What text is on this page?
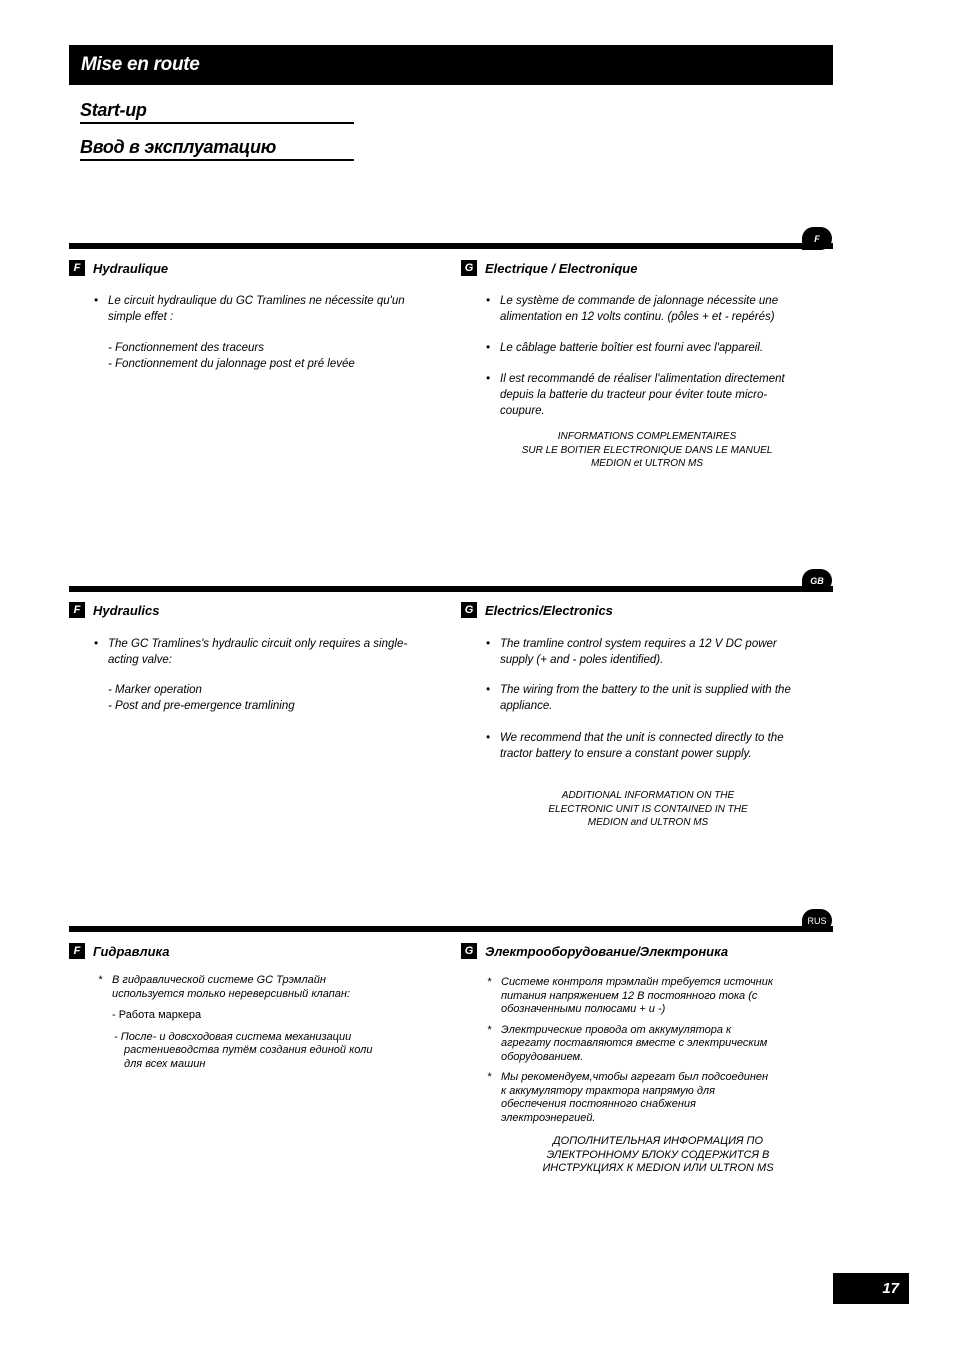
Mise en route
Start-up
Ввод в эксплуатацию
F
F Hydraulique
• Le circuit hydraulique du GC Tramlines ne nécessite qu'un
simple effet :
- Fonctionnement des traceurs
- Fonctionnement du jalonnage post et pré levée
G Electrique / Electronique
• Le système de commande de jalonnage nécessite une
alimentation en 12 volts continu. (pôles + et - repérés)
• Le câblage batterie boîtier est fourni avec l'appareil.
• Il est recommandé de réaliser l'alimentation directement
depuis la batterie du tracteur pour éviter toute micro-
coupure.
INFORMATIONS COMPLEMENTAIRES
SUR LE BOITIER ELECTRONIQUE DANS LE MANUEL
MEDION et ULTRON MS
GB
F Hydraulics
• The GC Tramlines's hydraulic circuit only requires a single-
acting valve:
- Marker operation
- Post and pre-emergence tramlining
G Electrics/Electronics
• The tramline control system requires a 12 V DC power
supply (+ and - poles identified).
• The wiring from the battery to the unit is supplied with the
appliance.
• We recommend that the unit is connected directly to the
tractor battery to ensure a constant power supply.
ADDITIONAL INFORMATION ON THE
ELECTRONIC UNIT IS CONTAINED IN THE
MEDION and ULTRON MS
RUS
F Гидравлика
* В гидравлической системе GC Трэмлайн
используется только нереверсивный клапан:
- Работа маркера
- После- и довсходовая система механизации
растениеводства путём создания единой коли
для всех машин
G Электрооборудование/Электроника
* Системе контроля трэмлайн требуется источник
питания напряжением 12 В постоянного тока (с
обозначенными полюсами + и -)
* Электрические провода от аккумулятора к
агрегату поставляются вместе с электрическим
оборудованием.
* Мы рекомендуем,чтобы агрегат был подсоединен
к аккумулятору трактора напрямую для
обеспечения постоянного снабжения
электроэнергией.
ДОПОЛНИТЕЛЬНАЯ ИНФОРМАЦИЯ ПО
ЭЛЕКТРОННОМУ БЛОКУ СОДЕРЖИТСЯ В
ИНСТРУКЦИЯХ К MEDION ИЛИ ULTRON MS
17
